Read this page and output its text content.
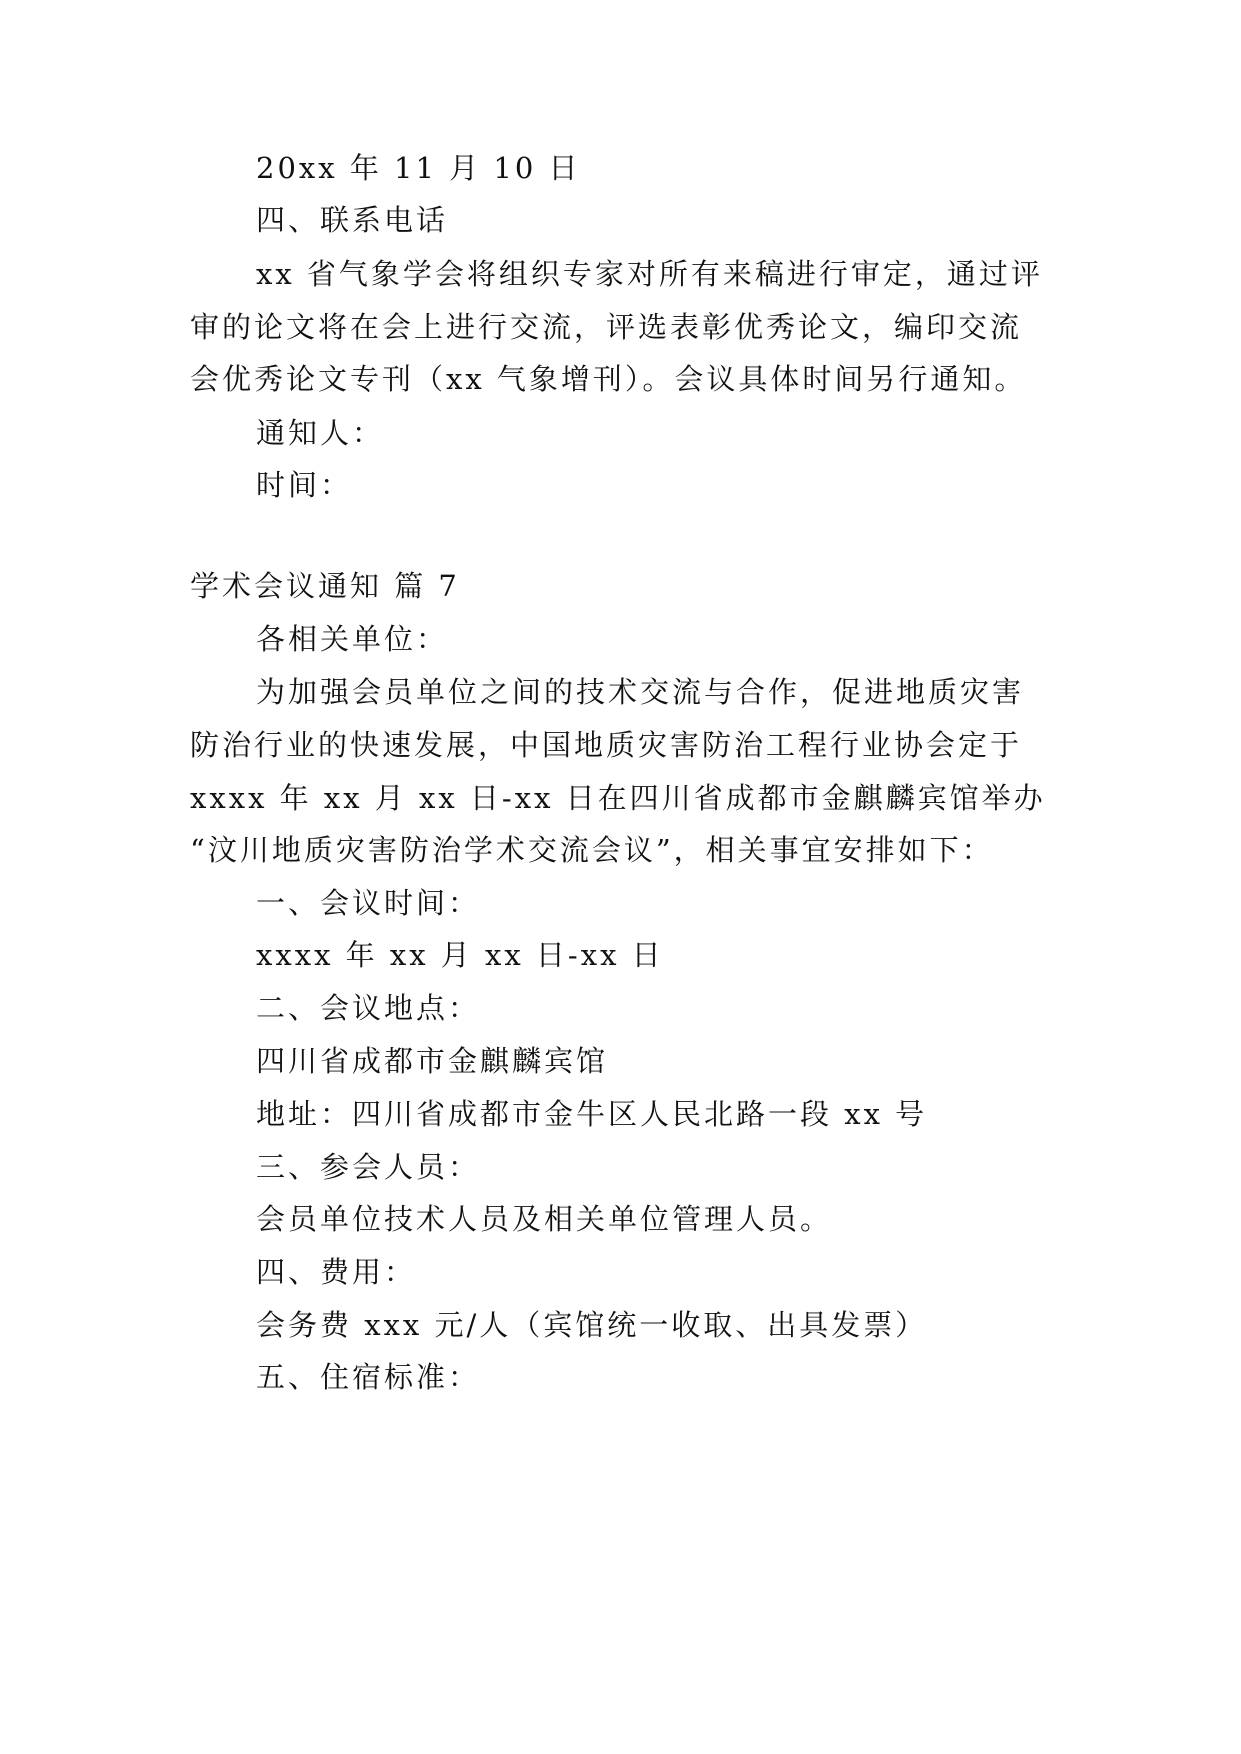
20xx 年 11 月 10 日
四、联系电话
xx 省气象学会将组织专家对所有来稿进行审定，通过评
审的论文将在会上进行交流，评选表彰优秀论文，编印交流
会优秀论文专刊（xx 气象增刊）。会议具体时间另行通知。
通知人：
时间：
学术会议通知 篇 7
各相关单位：
为加强会员单位之间的技术交流与合作，促进地质灾害
防治行业的快速发展，中国地质灾害防治工程行业协会定于
xxxx 年 xx 月 xx 日-xx 日在四川省成都市金麒麟宾馆举办
“汶川地质灾害防治学术交流会议”，相关事宜安排如下：
一、会议时间：
xxxx 年 xx 月 xx 日-xx 日
二、会议地点：
四川省成都市金麒麟宾馆
地址：四川省成都市金牛区人民北路一段 xx 号
三、参会人员：
会员单位技术人员及相关单位管理人员。
四、费用：
会务费 xxx 元/人（宾馆统一收取、出具发票）
五、住宿标准：
